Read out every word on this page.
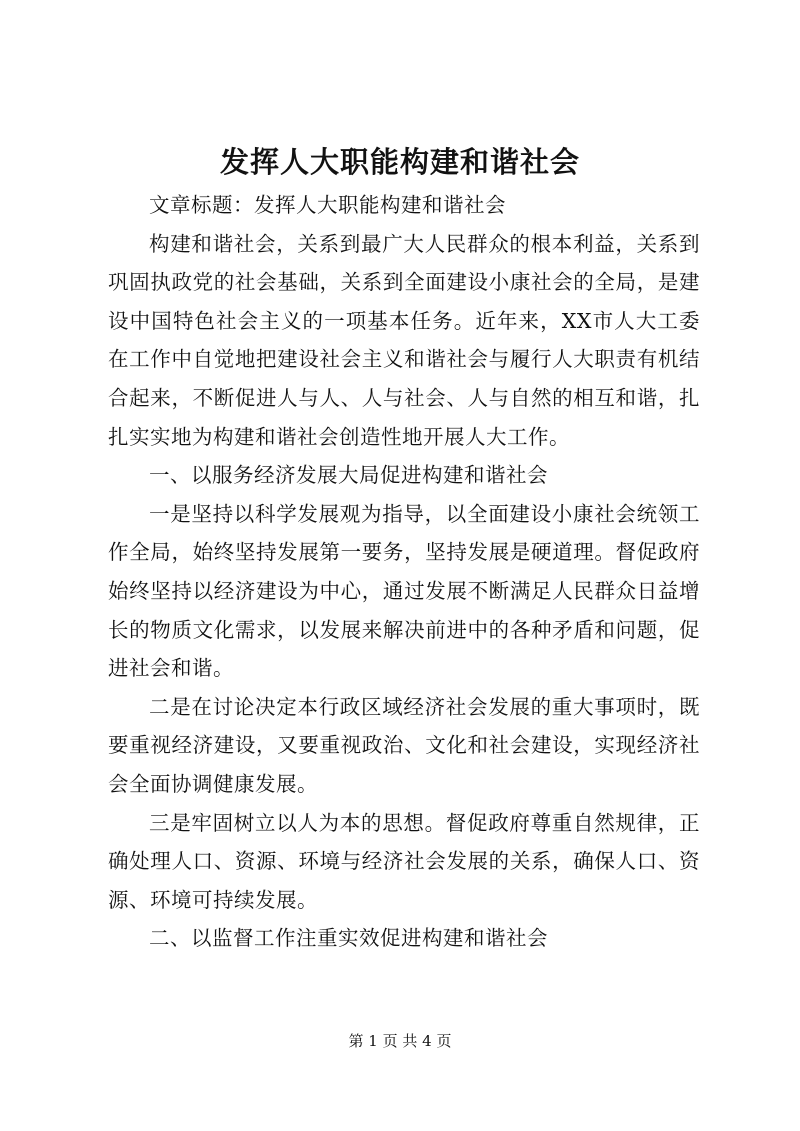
发挥人大职能构建和谐社会

文章标题：发挥人大职能构建和谐社会

构建和谐社会，关系到最广大人民群众的根本利益，关系到巩固执政党的社会基础，关系到全面建设小康社会的全局，是建设中国特色社会主义的一项基本任务。近年来，XX市人大工委在工作中自觉地把建设社会主义和谐社会与履行人大职责有机结合起来，不断促进人与人、人与社会、人与自然的相互和谐，扎扎实实地为构建和谐社会创造性地开展人大工作。

一、以服务经济发展大局促进构建和谐社会

一是坚持以科学发展观为指导，以全面建设小康社会统领工作全局，始终坚持发展第一要务，坚持发展是硬道理。督促政府始终坚持以经济建设为中心，通过发展不断满足人民群众日益增长的物质文化需求，以发展来解决前进中的各种矛盾和问题，促进社会和谐。

二是在讨论决定本行政区域经济社会发展的重大事项时，既要重视经济建设，又要重视政治、文化和社会建设，实现经济社会全面协调健康发展。

三是牢固树立以人为本的思想。督促政府尊重自然规律，正确处理人口、资源、环境与经济社会发展的关系，确保人口、资源、环境可持续发展。

二、以监督工作注重实效促进构建和谐社会

第 1 页 共 4 页
